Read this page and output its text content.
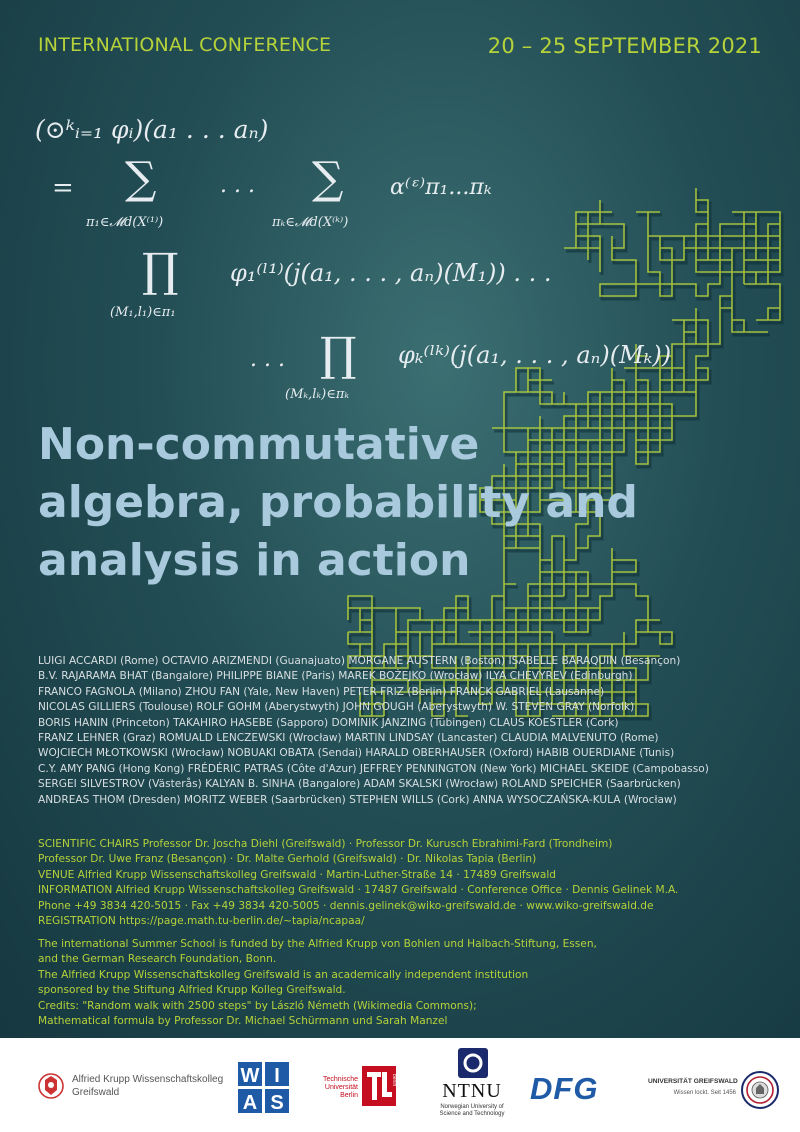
INTERNATIONAL CONFERENCE	20 – 25 SEPTEMBER 2021
(⊙ᵏᵢ₌₁ φᵢ)(a₁ . . . aₙ)
= ∑
π₁∈𝓜d(X⁽¹⁾)
. . . ∑
πₖ∈𝓜d(X⁽ᵏ⁾)
α⁽ᵋ⁾π₁...πₖ
∏
(M₁,l₁)∈π₁
φ₁⁽ˡ¹⁾(j(a₁, . . . , aₙ)(M₁)) . . .
. . . ∏
(Mₖ,lₖ)∈πₖ
φₖ⁽ˡᵏ⁾(j(a₁, . . . , aₙ)(Mₖ))
Non-commutative
algebra, probability and
analysis in action
LUIGI ACCARDI (Rome) OCTAVIO ARIZMENDI (Guanajuato) MORGANE AUSTERN (Boston) ISABELLE BARAQUIN (Besançon)
B.V. RAJARAMA BHAT (Bangalore) PHILIPPE BIANE (Paris) MAREK BOŻEJKO (Wrocław) ILYA CHEVYREV (Edinburgh)
FRANCO FAGNOLA (Milano) ZHOU FAN (Yale, New Haven) PETER FRIZ (Berlin) FRANCK GABRIEL (Lausanne)
NICOLAS GILLIERS (Toulouse) ROLF GOHM (Aberystwyth) JOHN GOUGH (Aberystwyth) W. STEVEN GRAY (Norfolk)
BORIS HANIN (Princeton) TAKAHIRO HASEBE (Sapporo) DOMINIK JANZING (Tübingen) CLAUS KOESTLER (Cork)
FRANZ LEHNER (Graz) ROMUALD LENCZEWSKI (Wrocław) MARTIN LINDSAY (Lancaster) CLAUDIA MALVENUTO (Rome)
WOJCIECH MŁOTKOWSKI (Wrocław) NOBUAKI OBATA (Sendai) HARALD OBERHAUSER (Oxford) HABIB OUERDIANE (Tunis)
C.Y. AMY PANG (Hong Kong) FRÉDÉRIC PATRAS (Côte d'Azur) JEFFREY PENNINGTON (New York) MICHAEL SKEIDE (Campobasso)
SERGEI SILVESTROV (Västerås) KALYAN B. SINHA (Bangalore) ADAM SKALSKI (Wrocław) ROLAND SPEICHER (Saarbrücken)
ANDREAS THOM (Dresden) MORITZ WEBER (Saarbrücken) STEPHEN WILLS (Cork) ANNA WYSOCZAŃSKA-KULA (Wrocław)
SCIENTIFIC CHAIRS Professor Dr. Joscha Diehl (Greifswald) · Professor Dr. Kurusch Ebrahimi-Fard (Trondheim)
Professor Dr. Uwe Franz (Besançon) · Dr. Malte Gerhold (Greifswald) · Dr. Nikolas Tapia (Berlin)
VENUE Alfried Krupp Wissenschaftskolleg Greifswald · Martin-Luther-Straße 14 · 17489 Greifswald
INFORMATION Alfried Krupp Wissenschaftskolleg Greifswald · 17487 Greifswald · Conference Office · Dennis Gelinek M.A.
Phone +49 3834 420-5015 · Fax +49 3834 420-5005 · dennis.gelinek@wiko-greifswald.de · www.wiko-greifswald.de
REGISTRATION https://page.math.tu-berlin.de/~tapia/ncapaa/
The international Summer School is funded by the Alfried Krupp von Bohlen und Halbach-Stiftung, Essen,
and the German Research Foundation, Bonn.
The Alfried Krupp Wissenschaftskolleg Greifswald is an academically independent institution
sponsored by the Stiftung Alfried Krupp Kolleg Greifswald.
Credits: "Random walk with 2500 steps" by László Németh (Wikimedia Commons);
Mathematical formula by Professor Dr. Michael Schürmann und Sarah Manzel
Alfried Krupp Wissenschaftskolleg
Greifswald
W I
A S
Technische
Universität
Berlin
berlin	NTNU
Norwegian University of
Science and Technology
DFG	UNIVERSITÄT GREIFSWALD
Wissen lockt. Seit 1456
